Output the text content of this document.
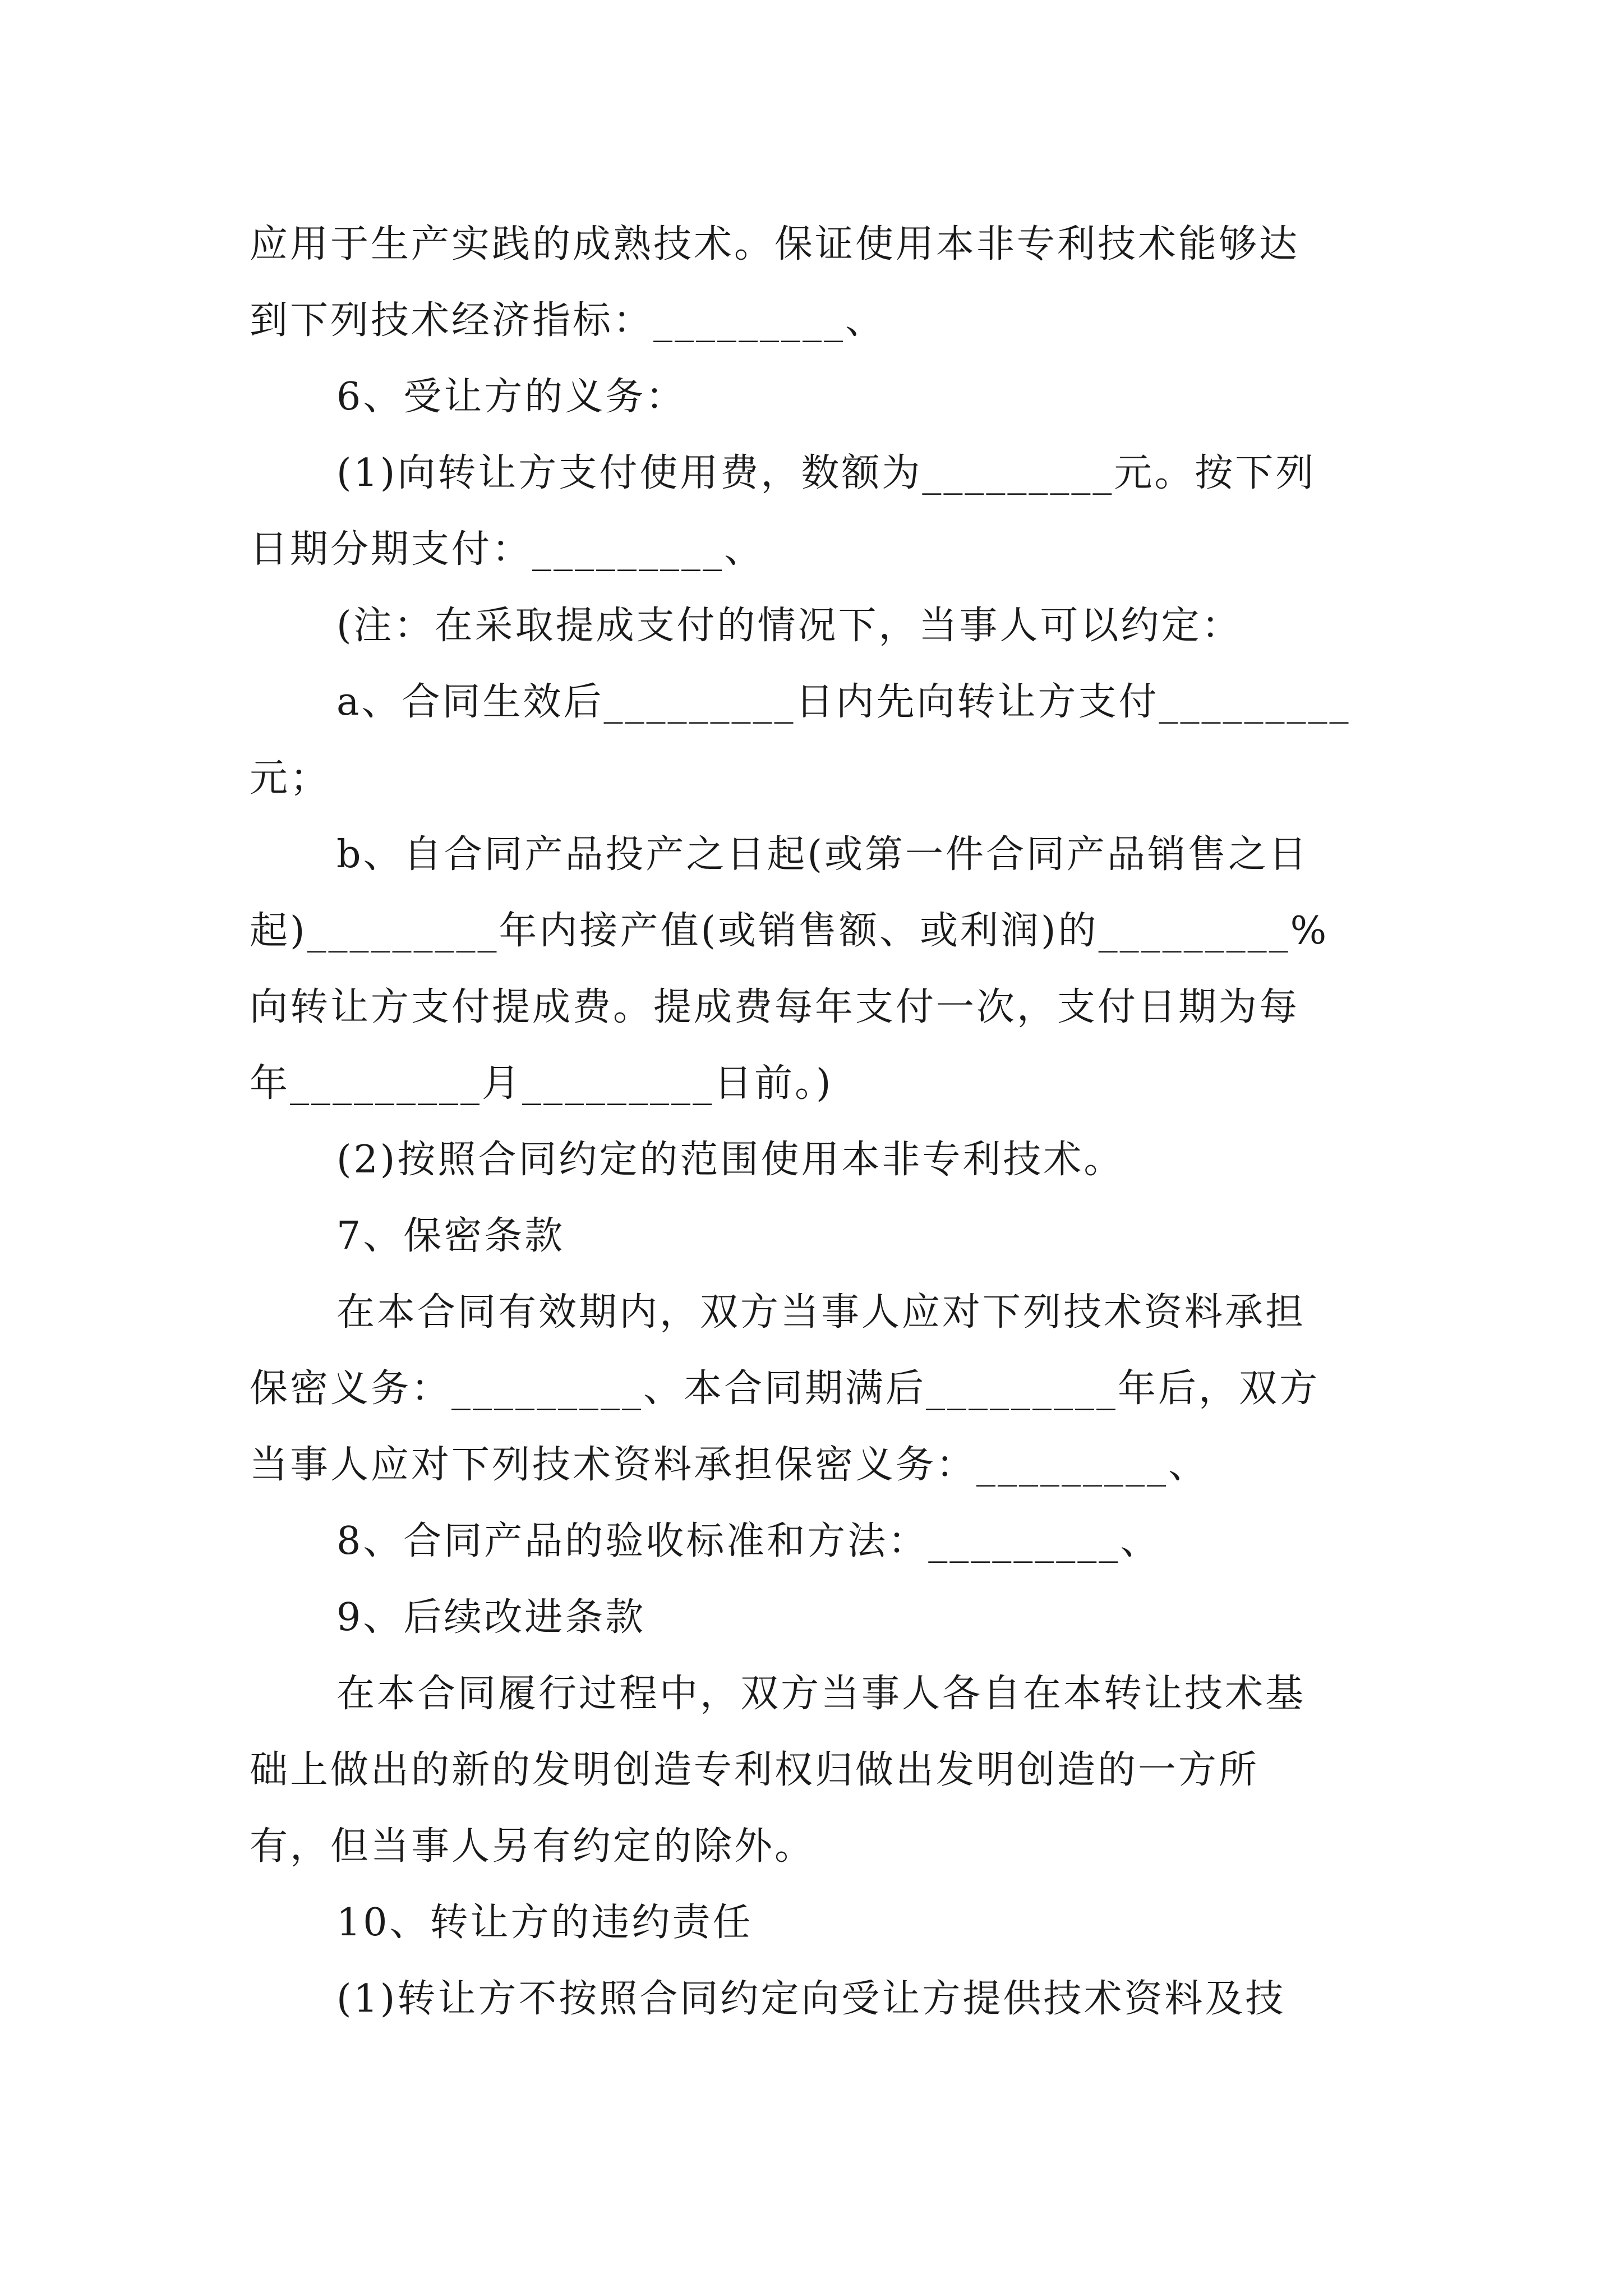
应用于生产实践的成熟技术。保证使用本非专利技术能够达
到下列技术经济指标：_________、
6、受让方的义务：
(1)向转让方支付使用费，数额为_________元。按下列
日期分期支付：_________、
(注：在采取提成支付的情况下，当事人可以约定：
a、合同生效后_________日内先向转让方支付_________
元；
b、自合同产品投产之日起(或第一件合同产品销售之日
起)_________年内接产值(或销售额、或利润)的_________%
向转让方支付提成费。提成费每年支付一次，支付日期为每
年_________月_________日前。)
(2)按照合同约定的范围使用本非专利技术。
7、保密条款
在本合同有效期内，双方当事人应对下列技术资料承担
保密义务：_________、本合同期满后_________年后，双方
当事人应对下列技术资料承担保密义务：_________、
8、合同产品的验收标准和方法：_________、
9、后续改进条款
在本合同履行过程中，双方当事人各自在本转让技术基
础上做出的新的发明创造专利权归做出发明创造的一方所
有，但当事人另有约定的除外。
10、转让方的违约责任
(1)转让方不按照合同约定向受让方提供技术资料及技
